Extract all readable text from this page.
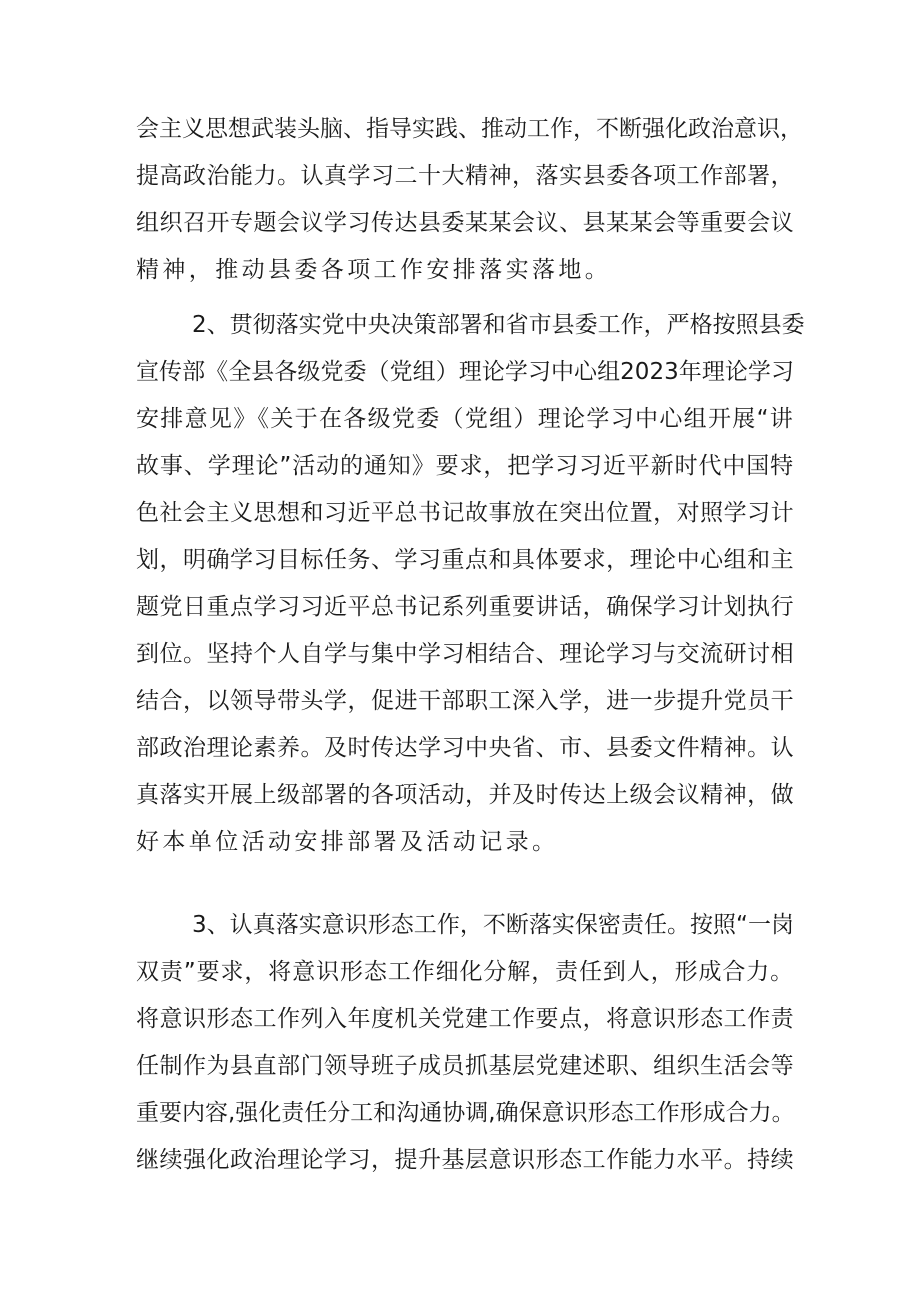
会主义思想武装头脑、指导实践、推动工作，不断强化政治意识，
提高政治能力。认真学习二十大精神，落实县委各项工作部署，
组织召开专题会议学习传达县委某某会议、县某某会等重要会议
精神，推动县委各项工作安排落实落地。
2、贯彻落实党中央决策部署和省市县委工作，严格按照县委
宣传部《全县各级党委（党组）理论学习中心组2023年理论学习
安排意见》《关于在各级党委（党组）理论学习中心组开展“讲
故事、学理论”活动的通知》要求，把学习习近平新时代中国特
色社会主义思想和习近平总书记故事放在突出位置，对照学习计
划，明确学习目标任务、学习重点和具体要求，理论中心组和主
题党日重点学习习近平总书记系列重要讲话，确保学习计划执行
到位。坚持个人自学与集中学习相结合、理论学习与交流研讨相
结合，以领导带头学，促进干部职工深入学，进一步提升党员干
部政治理论素养。及时传达学习中央省、市、县委文件精神。认
真落实开展上级部署的各项活动，并及时传达上级会议精神，做
好本单位活动安排部署及活动记录。
3、认真落实意识形态工作，不断落实保密责任。按照“一岗
双责”要求，将意识形态工作细化分解，责任到人，形成合力。
将意识形态工作列入年度机关党建工作要点，将意识形态工作责
任制作为县直部门领导班子成员抓基层党建述职、组织生活会等
重要内容,强化责任分工和沟通协调,确保意识形态工作形成合力。
继续强化政治理论学习，提升基层意识形态工作能力水平。持续
